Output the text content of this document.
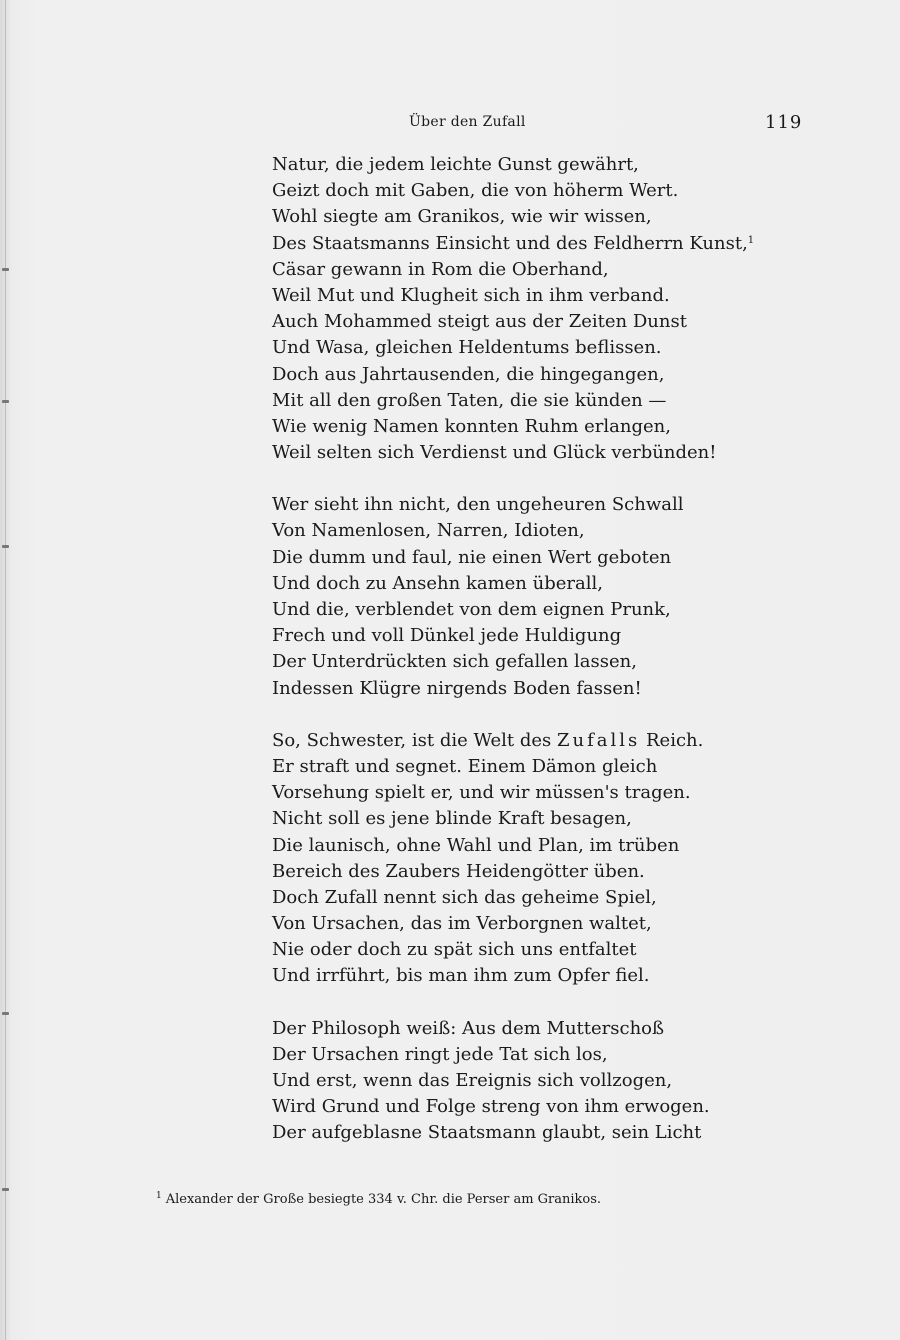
Über den Zufall	119
Natur, die jedem leichte Gunst gewährt,
Geizt doch mit Gaben, die von höherm Wert.
Wohl siegte am Granikos, wie wir wissen,
Des Staatsmanns Einsicht und des Feldherrn Kunst,$^1$
Cäsar gewann in Rom die Oberhand,
Weil Mut und Klugheit sich in ihm verband.
Auch Mohammed steigt aus der Zeiten Dunst
Und Wasa, gleichen Heldentums beflissen.
Doch aus Jahrtausenden, die hingegangen,
Mit all den großen Taten, die sie künden —
Wie wenig Namen konnten Ruhm erlangen,
Weil selten sich Verdienst und Glück verbünden!
Wer sieht ihn nicht, den ungeheuren Schwall
Von Namenlosen, Narren, Idioten,
Die dumm und faul, nie einen Wert geboten
Und doch zu Ansehn kamen überall,
Und die, verblendet von dem eignen Prunk,
Frech und voll Dünkel jede Huldigung
Der Unterdrückten sich gefallen lassen,
Indessen Klügre nirgends Boden fassen!
So, Schwester, ist die Welt des Zufalls Reich.
Er straft und segnet. Einem Dämon gleich
Vorsehung spielt er, und wir müssen's tragen.
Nicht soll es jene blinde Kraft besagen,
Die launisch, ohne Wahl und Plan, im trüben
Bereich des Zaubers Heidengötter üben.
Doch Zufall nennt sich das geheime Spiel,
Von Ursachen, das im Verborgnen waltet,
Nie oder doch zu spät sich uns entfaltet
Und irrführt, bis man ihm zum Opfer fiel.
Der Philosoph weiß: Aus dem Mutterschoß
Der Ursachen ringt jede Tat sich los,
Und erst, wenn das Ereignis sich vollzogen,
Wird Grund und Folge streng von ihm erwogen.
Der aufgeblasne Staatsmann glaubt, sein Licht
$^1$ Alexander der Große besiegte 334 v. Chr. die Perser am Granikos.
